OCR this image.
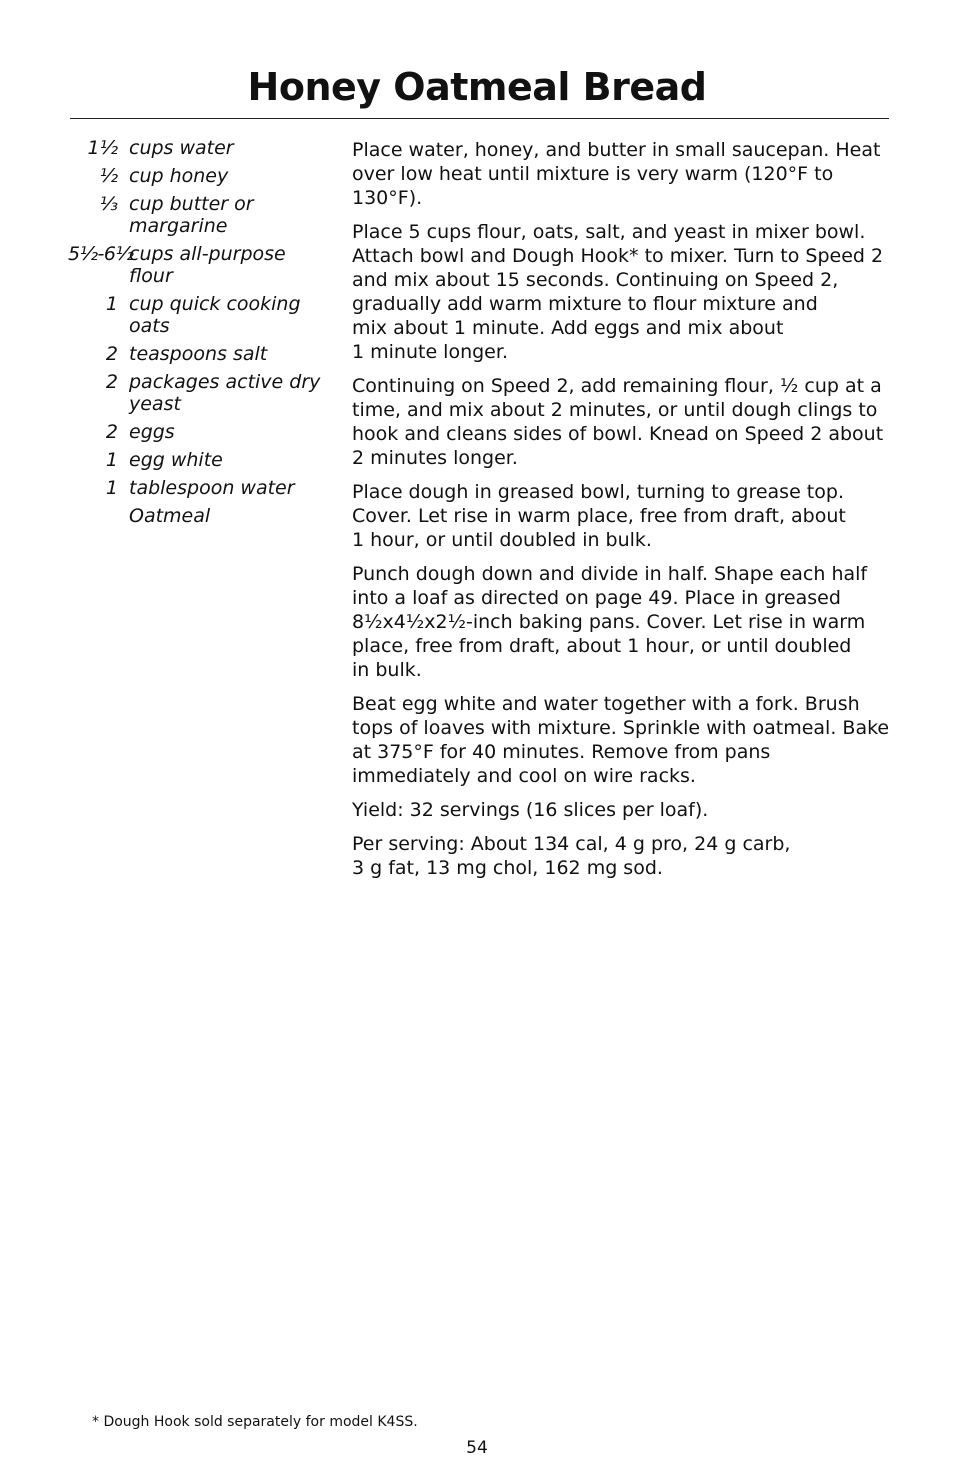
Honey Oatmeal Bread
1½ cups water
½ cup honey
⅓ cup butter or margarine
5½-6½
cups all-purpose flour
1 cup quick cooking oats
2 teaspoons salt
2 packages active dry yeast
2 eggs
1 egg white
1 tablespoon water
Oatmeal

Place water, honey, and butter in small saucepan. Heat over low heat until mixture is very warm (120°F to 130°F).

Place 5 cups flour, oats, salt, and yeast in mixer bowl. Attach bowl and Dough Hook* to mixer. Turn to Speed 2 and mix about 15 seconds. Continuing on Speed 2, gradually add warm mixture to flour mixture and
mix about 1 minute. Add eggs and mix about
1 minute longer.

Continuing on Speed 2, add remaining flour, ½ cup at a time, and mix about 2 minutes, or until dough clings to hook and cleans sides of bowl. Knead on Speed 2 about 2 minutes longer.

Place dough in greased bowl, turning to grease top. Cover. Let rise in warm place, free from draft, about
1 hour, or until doubled in bulk.

Punch dough down and divide in half. Shape each half into a loaf as directed on page 49. Place in greased 8½x4½x2½-inch baking pans. Cover. Let rise in warm place, free from draft, about 1 hour, or until doubled
in bulk.

Beat egg white and water together with a fork. Brush tops of loaves with mixture. Sprinkle with oatmeal. Bake at 375°F for 40 minutes. Remove from pans immediately and cool on wire racks.

Yield: 32 servings (16 slices per loaf).

Per serving: About 134 cal, 4 g pro, 24 g carb,
3 g fat, 13 mg chol, 162 mg sod.

* Dough Hook sold separately for model K4SS.
54
